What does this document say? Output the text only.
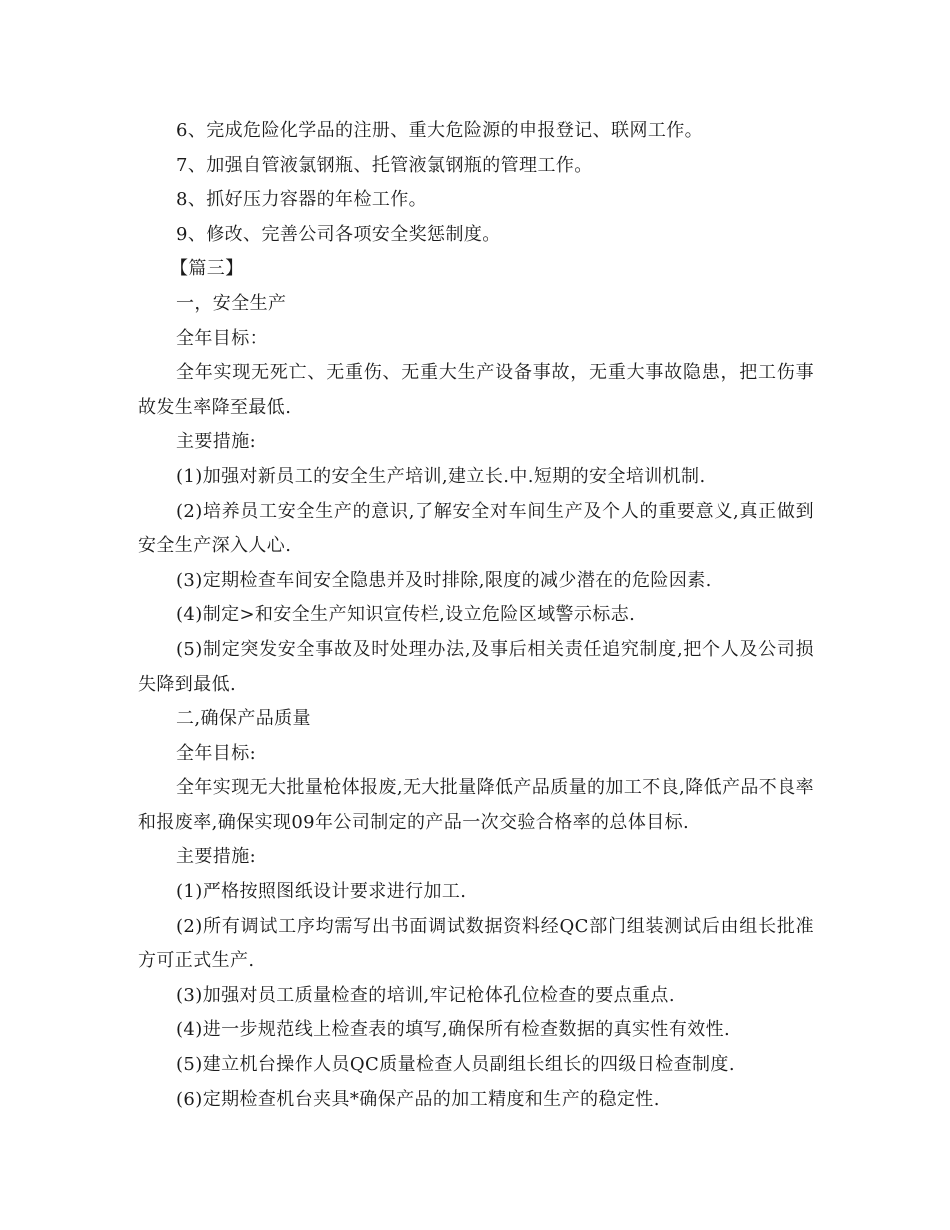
6、完成危险化学品的注册、重大危险源的申报登记、联网工作。

7、加强自管液氯钢瓶、托管液氯钢瓶的管理工作。

8、抓好压力容器的年检工作。

9、修改、完善公司各项安全奖惩制度。

【篇三】

一，安全生产

全年目标：

全年实现无死亡、无重伤、无重大生产设备事故，无重大事故隐患，把工伤事故发生率降至最低.

主要措施:

(1)加强对新员工的安全生产培训,建立长.中.短期的安全培训机制.

(2)培养员工安全生产的意识,了解安全对车间生产及个人的重要意义,真正做到安全生产深入人心.

(3)定期检查车间安全隐患并及时排除,限度的减少潜在的危险因素.

(4)制定>和安全生产知识宣传栏,设立危险区域警示标志.

(5)制定突发安全事故及时处理办法,及事后相关责任追究制度,把个人及公司损失降到最低.

二,确保产品质量

全年目标:

全年实现无大批量枪体报废,无大批量降低产品质量的加工不良,降低产品不良率和报废率,确保实现09年公司制定的产品一次交验合格率的总体目标.

主要措施:

(1)严格按照图纸设计要求进行加工.

(2)所有调试工序均需写出书面调试数据资料经QC部门组装测试后由组长批准方可正式生产.

(3)加强对员工质量检查的培训,牢记枪体孔位检查的要点重点.

(4)进一步规范线上检查表的填写,确保所有检查数据的真实性有效性.

(5)建立机台操作人员QC质量检查人员副组长组长的四级日检查制度.

(6)定期检查机台夹具*确保产品的加工精度和生产的稳定性.
